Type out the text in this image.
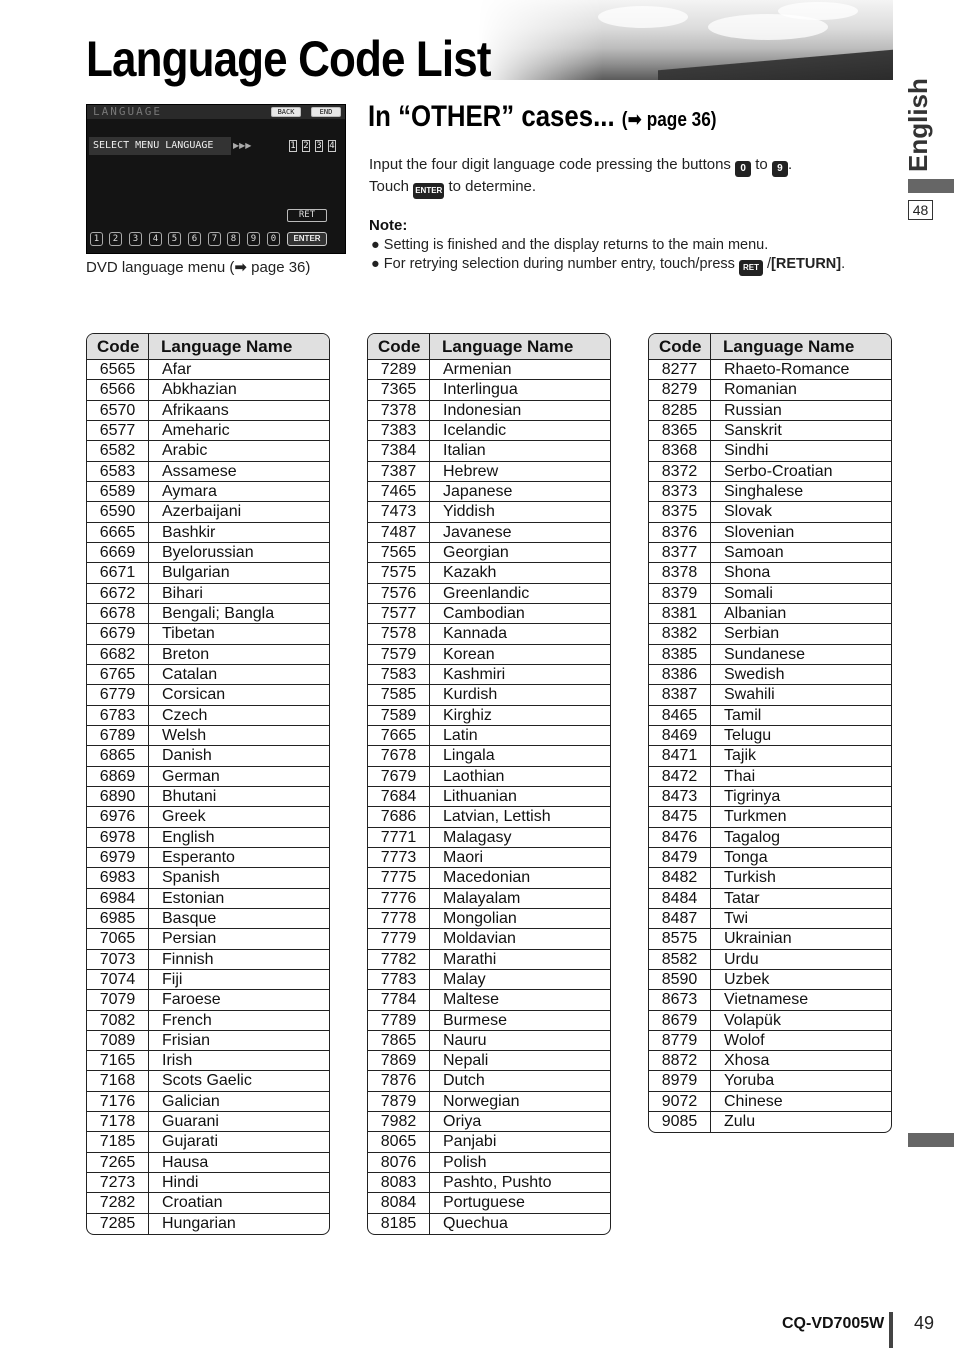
Language Code List
English
48
LANGUAGE	BACK	END
SELECT MENU LANGUAGE	▶▶▶	1 2 3 4
RET
1	2	3	4	5	6	7	8	9	0	ENTER
DVD language menu (➡ page 36)
In “OTHER” cases... (➡ page 36)
Input the four digit language code pressing the buttons 0 to 9 .
Touch ENTER to determine.
Note:
● Setting is finished and the display returns to the main menu.
● For retrying selection during number entry, touch/press RET /[RETURN].
Code	Language Name
6565	Afar
6566	Abkhazian
6570	Afrikaans
6577	Ameharic
6582	Arabic
6583	Assamese
6589	Aymara
6590	Azerbaijani
6665	Bashkir
6669	Byelorussian
6671	Bulgarian
6672	Bihari
6678	Bengali; Bangla
6679	Tibetan
6682	Breton
6765	Catalan
6779	Corsican
6783	Czech
6789	Welsh
6865	Danish
6869	German
6890	Bhutani
6976	Greek
6978	English
6979	Esperanto
6983	Spanish
6984	Estonian
6985	Basque
7065	Persian
7073	Finnish
7074	Fiji
7079	Faroese
7082	French
7089	Frisian
7165	Irish
7168	Scots Gaelic
7176	Galician
7178	Guarani
7185	Gujarati
7265	Hausa
7273	Hindi
7282	Croatian
7285	Hungarian
Code	Language Name
7289	Armenian
7365	Interlingua
7378	Indonesian
7383	Icelandic
7384	Italian
7387	Hebrew
7465	Japanese
7473	Yiddish
7487	Javanese
7565	Georgian
7575	Kazakh
7576	Greenlandic
7577	Cambodian
7578	Kannada
7579	Korean
7583	Kashmiri
7585	Kurdish
7589	Kirghiz
7665	Latin
7678	Lingala
7679	Laothian
7684	Lithuanian
7686	Latvian, Lettish
7771	Malagasy
7773	Maori
7775	Macedonian
7776	Malayalam
7778	Mongolian
7779	Moldavian
7782	Marathi
7783	Malay
7784	Maltese
7789	Burmese
7865	Nauru
7869	Nepali
7876	Dutch
7879	Norwegian
7982	Oriya
8065	Panjabi
8076	Polish
8083	Pashto, Pushto
8084	Portuguese
8185	Quechua
Code	Language Name
8277	Rhaeto-Romance
8279	Romanian
8285	Russian
8365	Sanskrit
8368	Sindhi
8372	Serbo-Croatian
8373	Singhalese
8375	Slovak
8376	Slovenian
8377	Samoan
8378	Shona
8379	Somali
8381	Albanian
8382	Serbian
8385	Sundanese
8386	Swedish
8387	Swahili
8465	Tamil
8469	Telugu
8471	Tajik
8472	Thai
8473	Tigrinya
8475	Turkmen
8476	Tagalog
8479	Tonga
8482	Turkish
8484	Tatar
8487	Twi
8575	Ukrainian
8582	Urdu
8590	Uzbek
8673	Vietnamese
8679	Volapük
8779	Wolof
8872	Xhosa
8979	Yoruba
9072	Chinese
9085	Zulu
CQ-VD7005W 49
